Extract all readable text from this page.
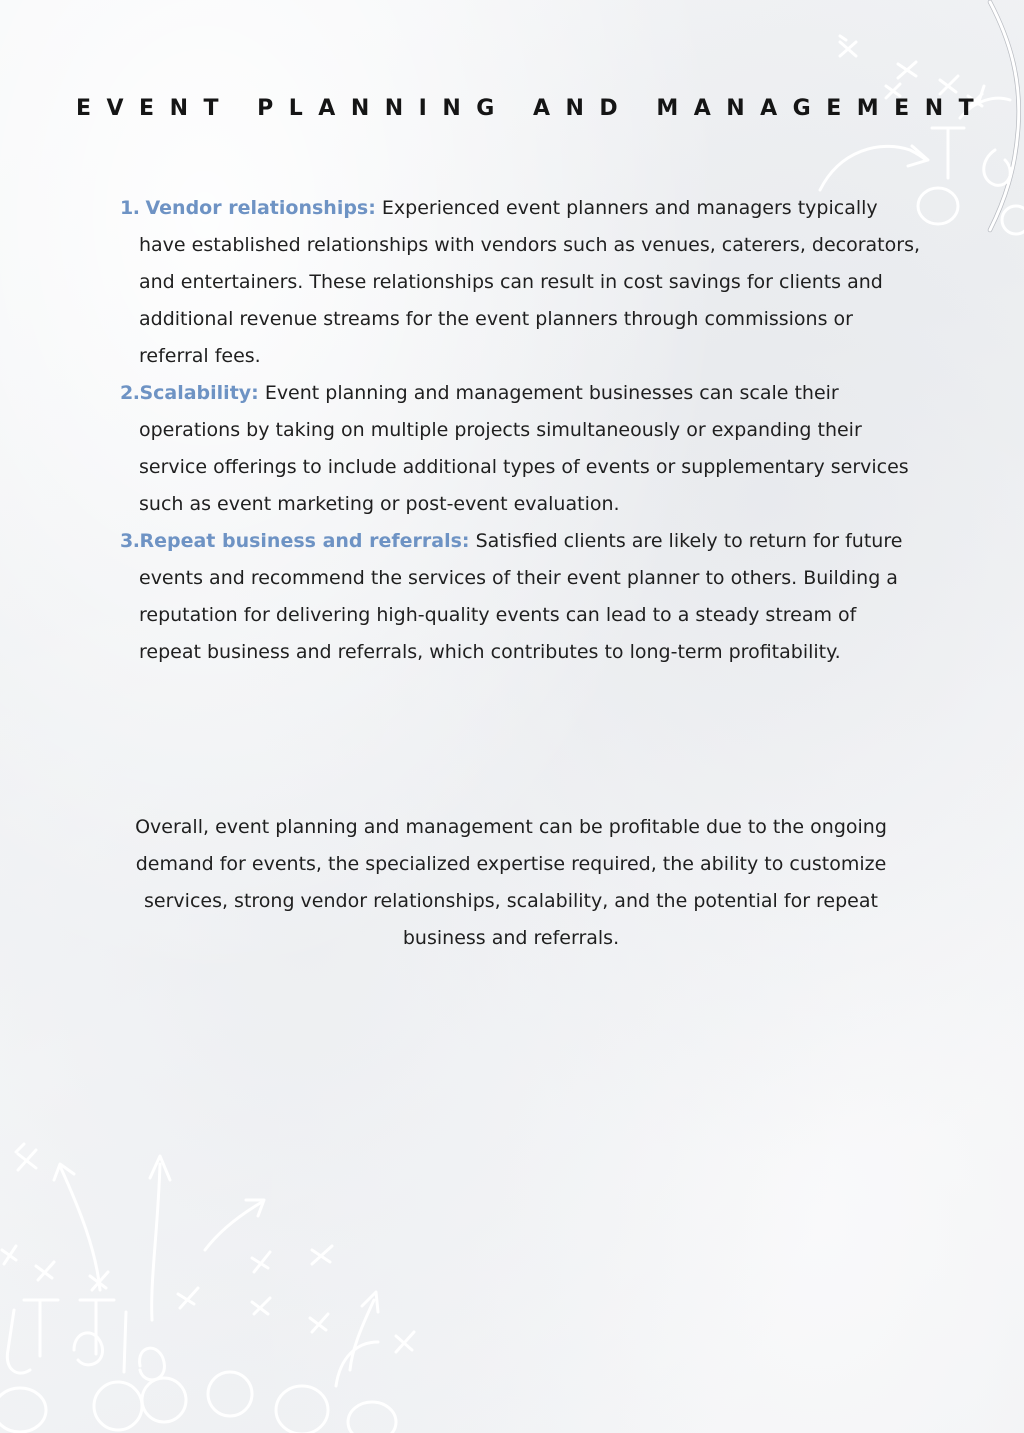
EVENT PLANNING AND MANAGEMENT
1. Vendor relationships: Experienced event planners and managers typically have established relationships with vendors such as venues, caterers, decorators, and entertainers. These relationships can result in cost savings for clients and additional revenue streams for the event planners through commissions or referral fees.
2.Scalability: Event planning and management businesses can scale their operations by taking on multiple projects simultaneously or expanding their service offerings to include additional types of events or supplementary services such as event marketing or post-event evaluation.
3.Repeat business and referrals: Satisfied clients are likely to return for future events and recommend the services of their event planner to others. Building a reputation for delivering high-quality events can lead to a steady stream of repeat business and referrals, which contributes to long-term profitability.

Overall, event planning and management can be profitable due to the ongoing demand for events, the specialized expertise required, the ability to customize services, strong vendor relationships, scalability, and the potential for repeat business and referrals.
